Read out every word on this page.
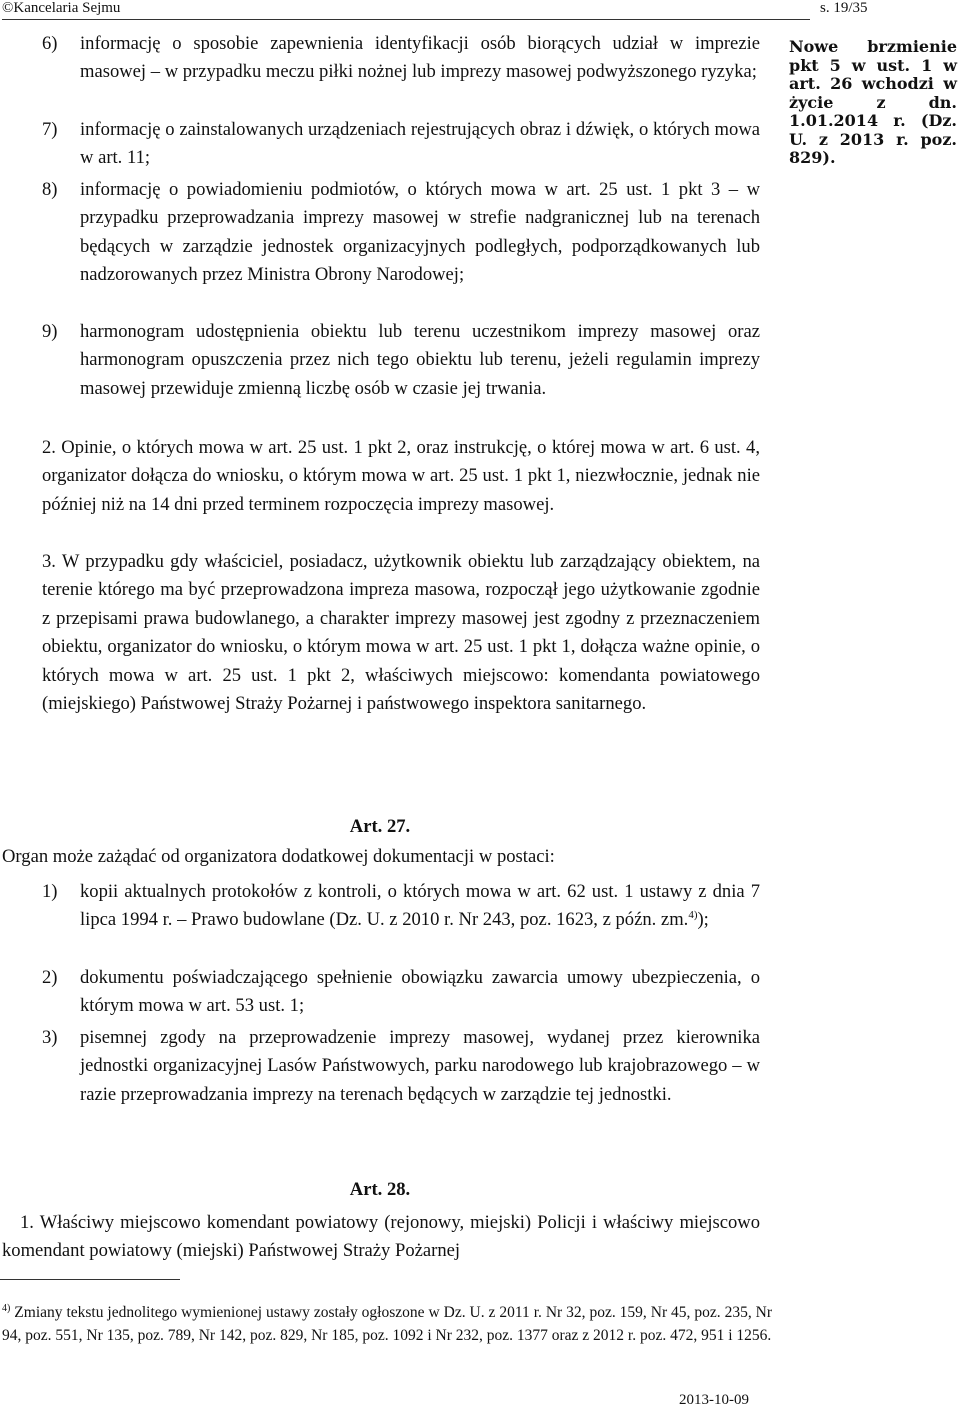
©Kancelaria Sejmu	s. 19/35
Nowe brzmienie pkt 5 w ust. 1 w art. 26 wchodzi w życie z dn. 1.01.2014 r. (Dz. U. z 2013 r. poz. 829).
6) informację o sposobie zapewnienia identyfikacji osób biorących udział w imprezie masowej – w przypadku meczu piłki nożnej lub imprezy masowej podwyższonego ryzyka;

7) informację o zainstalowanych urządzeniach rejestrujących obraz i dźwięk, o których mowa w art. 11;

8) informację o powiadomieniu podmiotów, o których mowa w art. 25 ust. 1 pkt 3 – w przypadku przeprowadzania imprezy masowej w strefie nadgranicznej lub na terenach będących w zarządzie jednostek organizacyjnych podległych, podporządkowanych lub nadzorowanych przez Ministra Obrony Narodowej;

9) harmonogram udostępnienia obiektu lub terenu uczestnikom imprezy masowej oraz harmonogram opuszczenia przez nich tego obiektu lub terenu, jeżeli regulamin imprezy masowej przewiduje zmienną liczbę osób w czasie jej trwania.

2. Opinie, o których mowa w art. 25 ust. 1 pkt 2, oraz instrukcję, o której mowa w art. 6 ust. 4, organizator dołącza do wniosku, o którym mowa w art. 25 ust. 1 pkt 1, niezwłocznie, jednak nie później niż na 14 dni przed terminem rozpoczęcia imprezy masowej.

3. W przypadku gdy właściciel, posiadacz, użytkownik obiektu lub zarządzający obiektem, na terenie którego ma być przeprowadzona impreza masowa, rozpoczął jego użytkowanie zgodnie z przepisami prawa budowlanego, a charakter imprezy masowej jest zgodny z przeznaczeniem obiektu, organizator do wniosku, o którym mowa w art. 25 ust. 1 pkt 1, dołącza ważne opinie, o których mowa w art. 25 ust. 1 pkt 2, właściwych miejscowo: komendanta powiatowego (miejskiego) Państwowej Straży Pożarnej i państwowego inspektora sanitarnego.

Art. 27.

Organ może zażądać od organizatora dodatkowej dokumentacji w postaci:

1) kopii aktualnych protokołów z kontroli, o których mowa w art. 62 ust. 1 ustawy z dnia 7 lipca 1994 r. – Prawo budowlane (Dz. U. z 2010 r. Nr 243, poz. 1623, z późn. zm.$^{4)}$);

2) dokumentu poświadczającego spełnienie obowiązku zawarcia umowy ubezpieczenia, o którym mowa w art. 53 ust. 1;

3) pisemnej zgody na przeprowadzenie imprezy masowej, wydanej przez kierownika jednostki organizacyjnej Lasów Państwowych, parku narodowego lub krajobrazowego – w razie przeprowadzania imprezy na terenach będących w zarządzie tej jednostki.

Art. 28.

1. Właściwy miejscowo komendant powiatowy (rejonowy, miejski) Policji i właściwy miejscowo komendant powiatowy (miejski) Państwowej Straży Pożarnej

$^{4)}$ Zmiany tekstu jednolitego wymienionej ustawy zostały ogłoszone w Dz. U. z 2011 r. Nr 32, poz. 159, Nr 45, poz. 235, Nr 94, poz. 551, Nr 135, poz. 789, Nr 142, poz. 829, Nr 185, poz. 1092 i Nr 232, poz. 1377 oraz z 2012 r. poz. 472, 951 i 1256.
2013-10-09
